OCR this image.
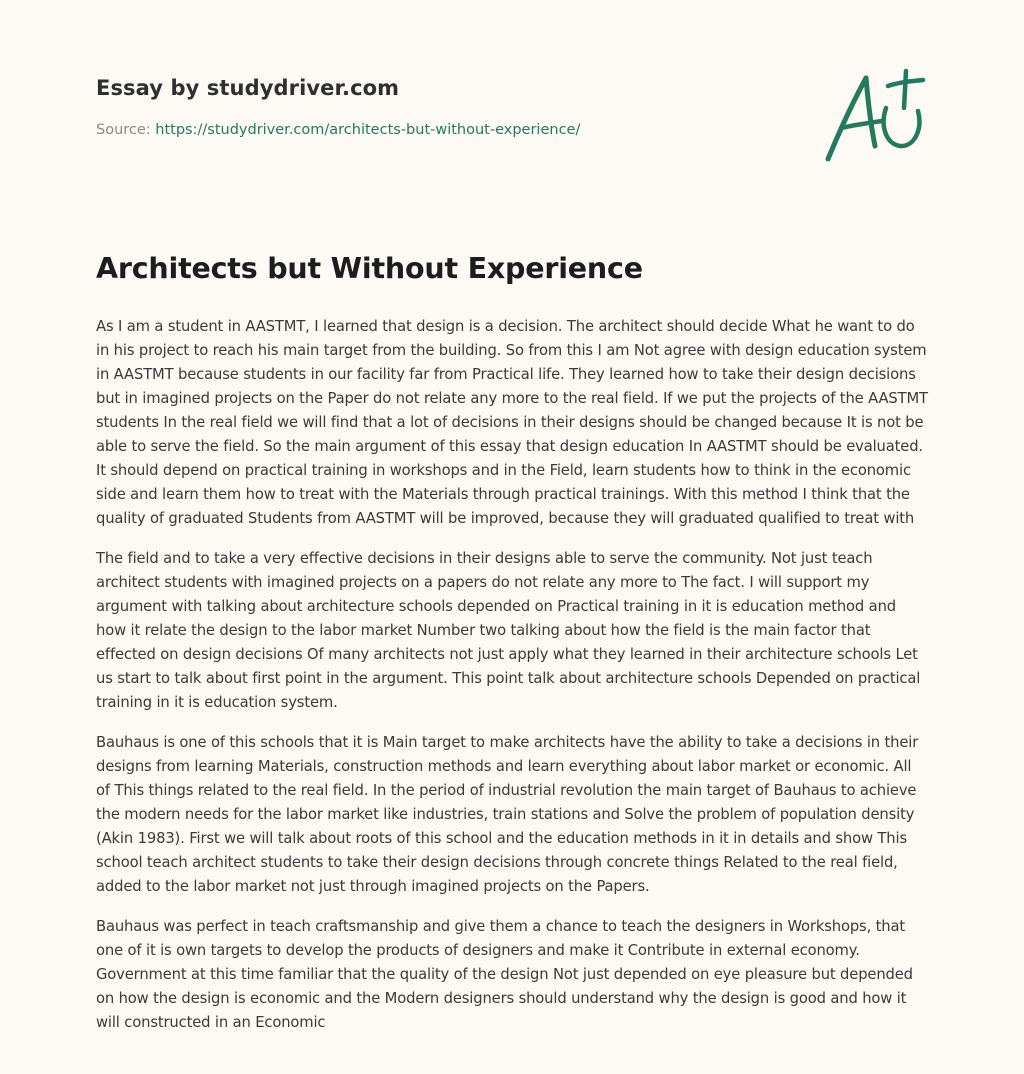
Essay by studydriver.com
Source: https://studydriver.com/architects-but-without-experience/
Architects but Without Experience

As I am a student in AASTMT, I learned that design is a decision. The architect should decide What he want to do in his project to reach his main target from the building. So from this I am Not agree with design education system in AASTMT because students in our facility far from Practical life. They learned how to take their design decisions but in imagined projects on the Paper do not relate any more to the real field. If we put the projects of the AASTMT students In the real field we will find that a lot of decisions in their designs should be changed because It is not be able to serve the field. So the main argument of this essay that design education In AASTMT should be evaluated. It should depend on practical training in workshops and in the Field, learn students how to think in the economic side and learn them how to treat with the Materials through practical trainings. With this method I think that the quality of graduated Students from AASTMT will be improved, because they will graduated qualified to treat with

The field and to take a very effective decisions in their designs able to serve the community. Not just teach architect students with imagined projects on a papers do not relate any more to The fact. I will support my argument with talking about architecture schools depended on Practical training in it is education method and how it relate the design to the labor market Number two talking about how the field is the main factor that effected on design decisions Of many architects not just apply what they learned in their architecture schools Let us start to talk about first point in the argument. This point talk about architecture schools Depended on practical training in it is education system.

Bauhaus is one of this schools that it is Main target to make architects have the ability to take a decisions in their designs from learning Materials, construction methods and learn everything about labor market or economic. All of This things related to the real field. In the period of industrial revolution the main target of Bauhaus to achieve the modern needs for the labor market like industries, train stations and Solve the problem of population density (Akin 1983). First we will talk about roots of this school and the education methods in it in details and show This school teach architect students to take their design decisions through concrete things Related to the real field, added to the labor market not just through imagined projects on the Papers.

Bauhaus was perfect in teach craftsmanship and give them a chance to teach the designers in Workshops, that one of it is own targets to develop the products of designers and make it Contribute in external economy. Government at this time familiar that the quality of the design Not just depended on eye pleasure but depended on how the design is economic and the Modern designers should understand why the design is good and how it will constructed in an Economic
